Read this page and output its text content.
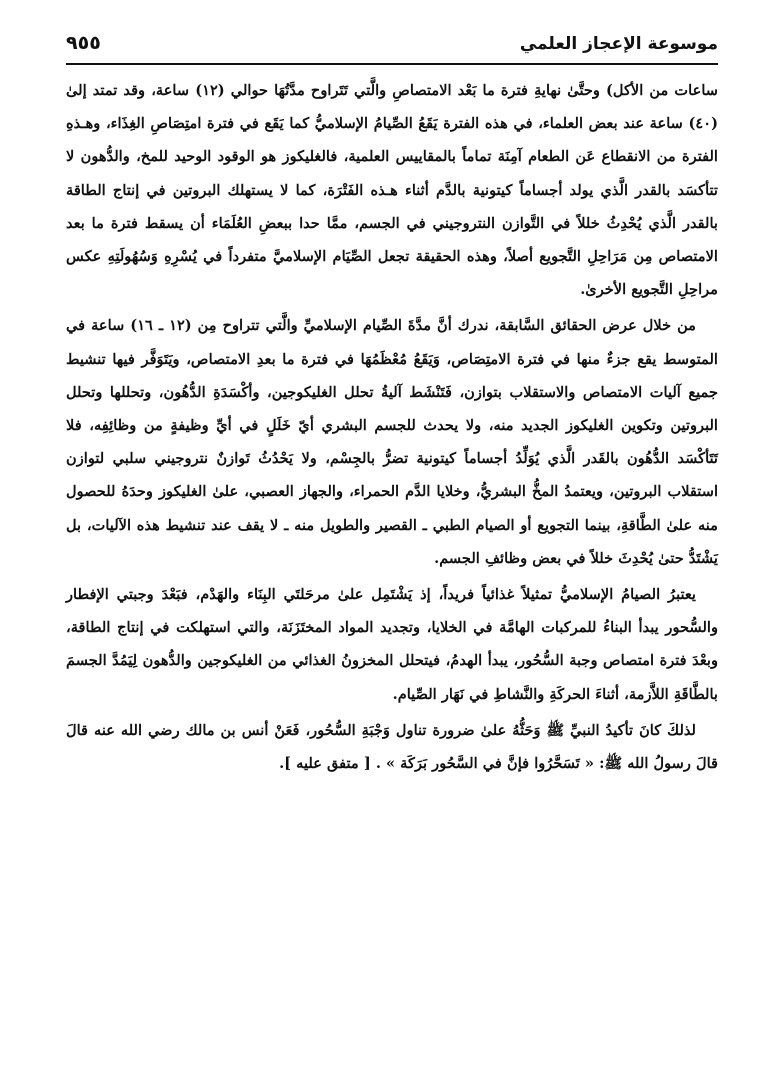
موسوعة الإعجاز العلمي
٩٥٥

ساعات من الأكل) وحتَّىٰ نهايةِ فترة ما بَعْد الامتصاصِ والَّتي تَتَراوح مدَّتُهَا حوالي (١٢) ساعة، وقد تمتد إلىٰ (٤٠) ساعة عند بعض العلماء، في هذه الفترة يَقَعُ الصِّيامُ الإسلاميُّ كما يَقَع في فترة امتِصَاصِ الغِذَاء، وهـذهِ الفترة من الانقطاع عَن الطعام آمِنَة تماماً بالمقاييس العلمية، فالغليكوز هو الوقود الوحيد للمخ، والدُّهون لا تتأكسَد بالقدر الَّذي يولد أجساماً كيتونية بالدَّم أثناء هـذه الفَتْرَة، كما لا يستهلك البروتين في إنتاج الطاقة بالقدر الَّذي يُحْدِثُ خللاً في التَّوازن النتروجيني في الجسم، ممَّا حدا ببعضِ العُلَمَاء أن يسقط فترة ما بعد الامتصاص مِن مَرَاحِلِ التَّجويع أصلاً، وهذه الحقيقة تجعل الصِّيَام الإسلاميَّ متفرداً في يُسْرِهِ وَسُهُولَتِهِ عكس مراحِلِ التَّجويع الأخرىٰ.

من خلال عرض الحقائق السَّابقة، ندرك أنَّ مدَّةَ الصِّيام الإسلاميِّ والَّتي تتراوح مِن (١٢ ـ ١٦) ساعة في المتوسط يقع جزءٌ منها في فترة الامتِصَاص، وَيَقَعُ مُعْظَمُهَا في فترة ما بعدِ الامتصاص، ويَتَوَفَّر فيها تنشيط جميع آليات الامتصاص والاستقلاب بتوازن، فَتَنْشَط آليةُ تحلل الغليكوجين، وأكْسَدَةِ الدُّهُون، وتحللها وتحلل البروتين وتكوين الغليكوز الجديد منه، ولا يحدث للجسم البشري أيّ خَلَلٍ في أيِّ وظيفةٍ من وظائِفِه، فلا تَتَأكْسَد الدُّهُون بالقَدر الَّذي يُوَلِّدُ أجساماً كيتونية تضرُّ بالجِسْم، ولا يَحْدُثُ تَوازنٌ نتروجيني سلبي لتوازن استقلاب البروتين، ويعتمدُ المخُّ البشريُّ، وخلايا الدَّم الحمراء، والجهاز العصبي، علىٰ الغليكوز وحدَهُ للحصول منه علىٰ الطَّاقةِ، بينما التجويع أو الصيام الطبي ـ القصير والطويل منه ـ لا يقف عند تنشيط هذه الآليات، بل يَشْتَدُّ حتىٰ يُحْدِثَ خللاً في بعض وظائفِ الجسم.

يعتبرُ الصيامُ الإسلاميُّ تمثيلاً غذائياً فريداً، إذ يَشْتَمِل علىٰ مرحَلتَي البِنَاء والهَدْم، فبَعْدَ وجبتي الإفطار والسُّحور يبدأ البناءُ للمركبات الهامَّة في الخلايا، وتجديد المواد المختَزَنَة، والتي استهلكت في إنتاج الطاقة، وبعْدَ فترة امتصاص وجبة السُّحُور، يبدأ الهدمُ، فيتحلل المخزونُ الغذائي من الغليكوجين والدُّهون لِيَمُدَّ الجسمَ بالطَّاقَةِ اللاَّزمة، أثناءَ الحركَةِ والنَّشاطِ في نَهَار الصِّيام.

لذلكَ كانَ تأكيدُ النبيِّ ﷺ وَحَثُّهُ علىٰ ضرورة تناول وَجْبَةِ السُّحُور، فَعَنْ أنس بن مالك رضي الله عنه قالَ قالَ رسولُ الله ﷺ: « تَسَحَّرُوا فإنَّ في السَّحُور بَرَكَة » . [ متفق عليه ].
